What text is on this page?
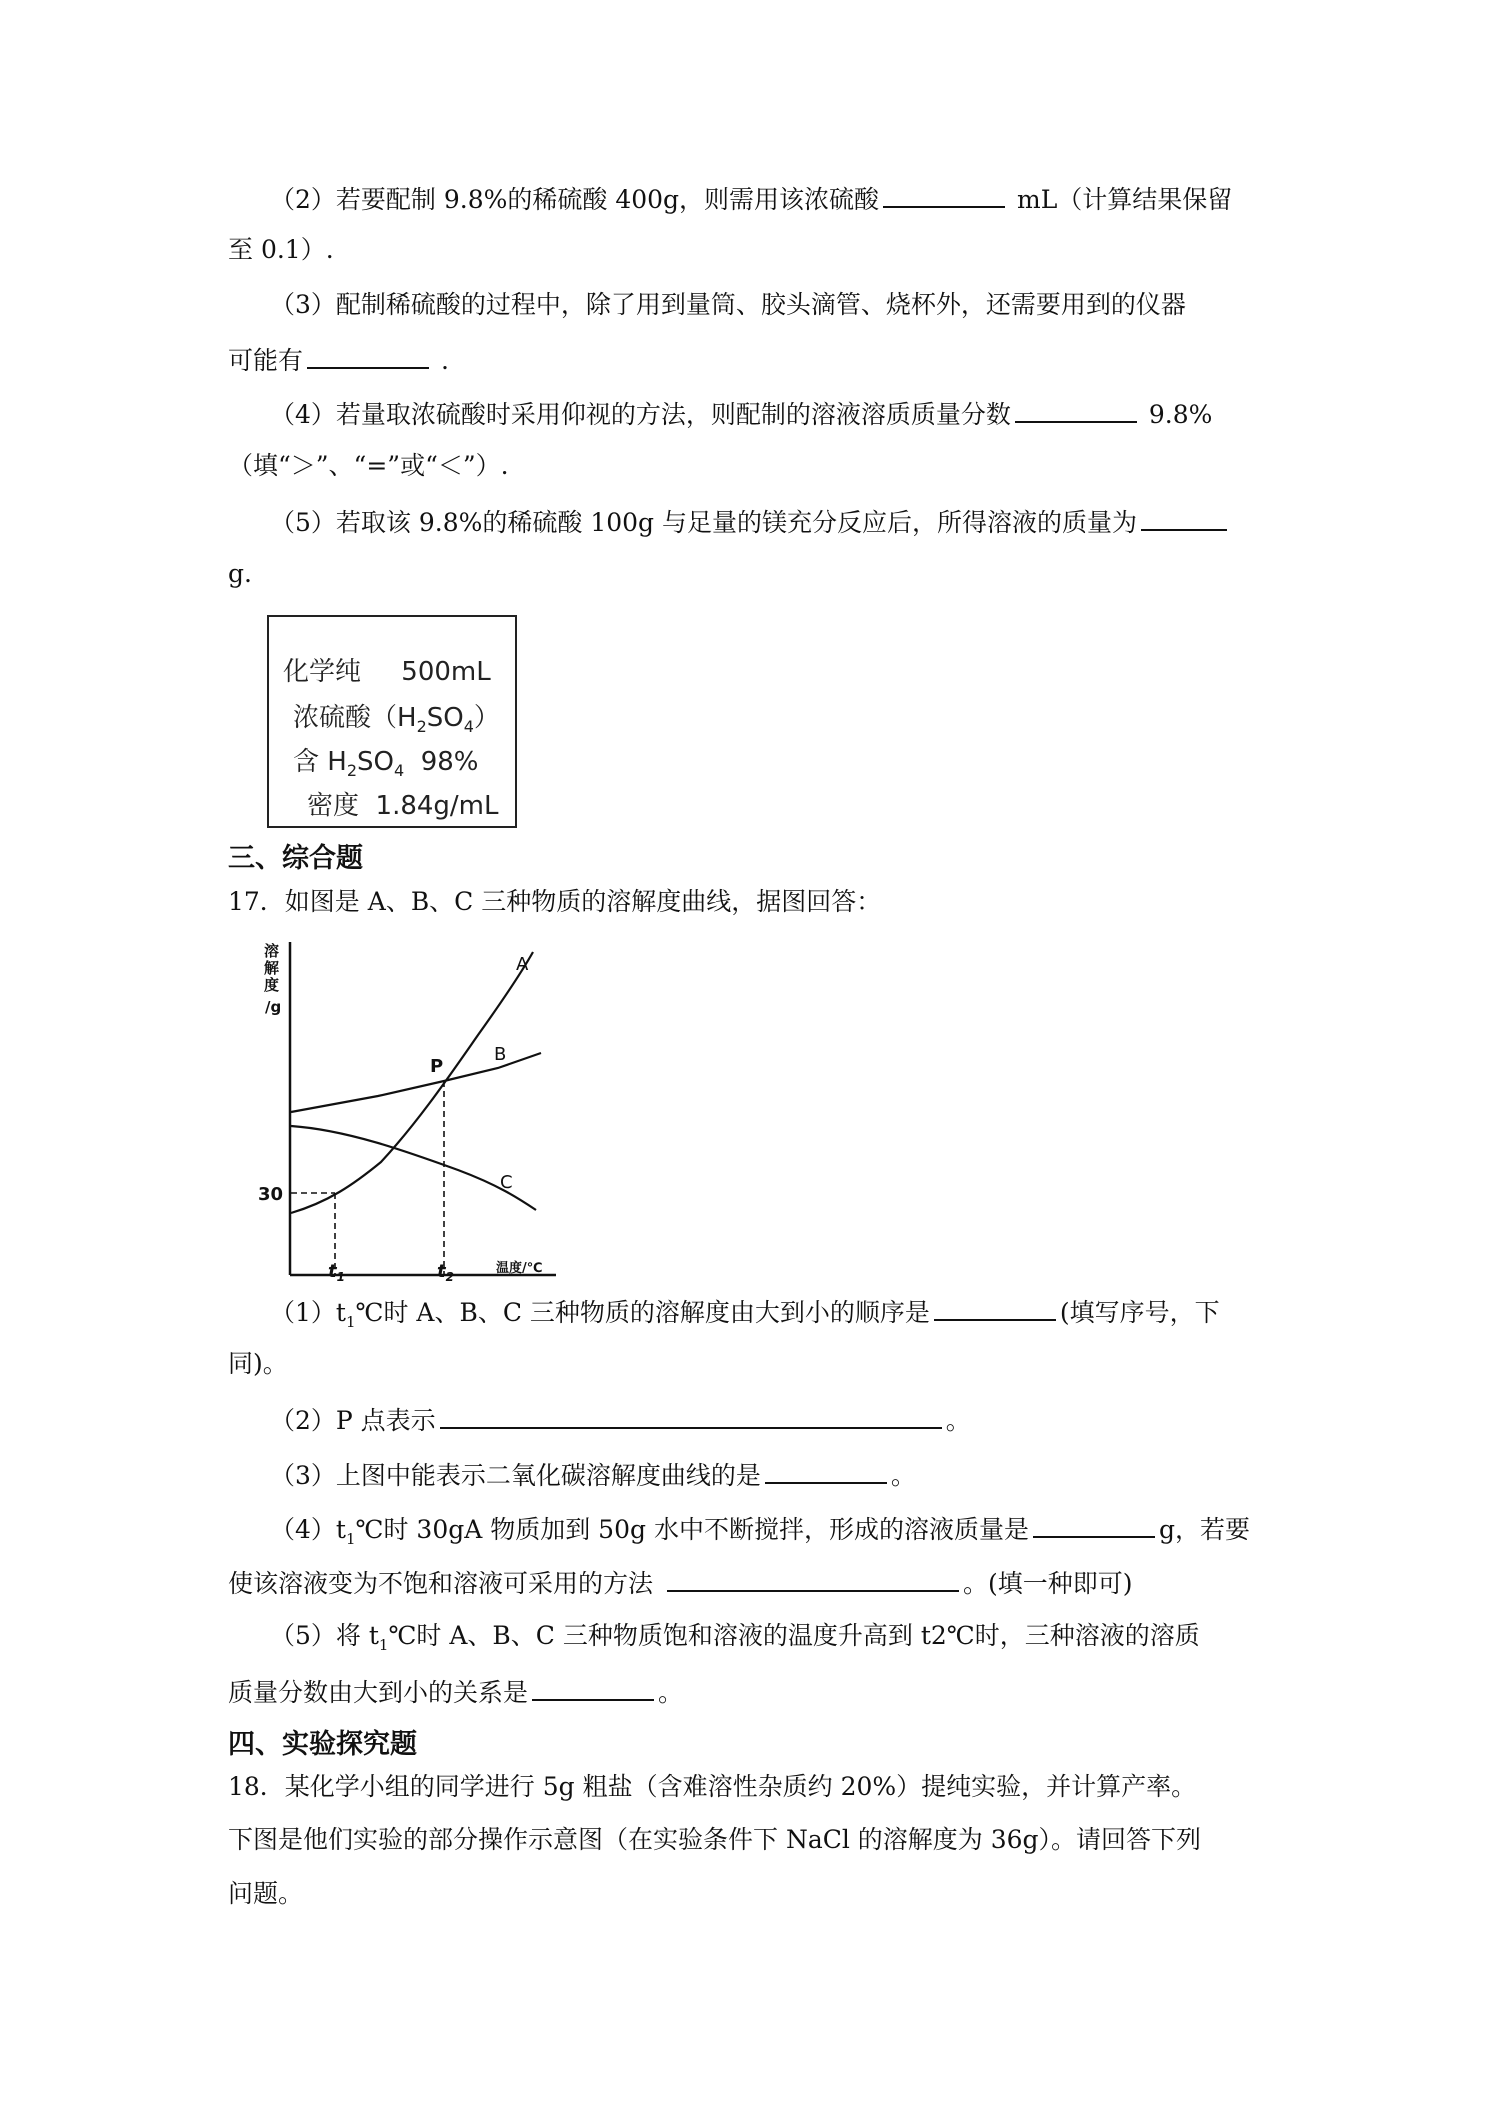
（2）若要配制 9.8%的稀硫酸 400g，则需用该浓硫酸	mL（计算结果保留
至 0.1）.
（3）配制稀硫酸的过程中，除了用到量筒、胶头滴管、烧杯外，还需要用到的仪器
可能有	.
（4）若量取浓硫酸时采用仰视的方法，则配制的溶液溶质质量分数	9.8%
（填“＞”、“=”或“＜”）.
（5）若取该 9.8%的稀硫酸 100g 与足量的镁充分反应后，所得溶液的质量为
g.
化学纯 500mL
浓硫酸$(H_2SO_4)$
含 $H_2SO_4$  98%
密度  1.84g/mL
三、综合题
17．如图是 A、B、C 三种物质的溶解度曲线，据图回答：
溶
解
度
/g
30
P
A
B
C
$t_1$	$t_2$
温度/℃
$(1)t_1℃$时 A、B、C 三种物质的溶解度由大到小的顺序是	(填写序号，下
同)。
（2）P 点表示	。
（3）上图中能表示二氧化碳溶解度曲线的是	。
$(4)t_1℃$时 30gA 物质加到 50g 水中不断搅拌，形成的溶液质量是	g，若要
使该溶液变为不饱和溶液可采用的方法	。(填一种即可)
（5）将 $t_1℃$时 A、B、C 三种物质饱和溶液的温度升高到 t2℃时，三种溶液的溶质
质量分数由大到小的关系是	。
四、实验探究题
18．某化学小组的同学进行 5g 粗盐（含难溶性杂质约 20%）提纯实验，并计算产率。
下图是他们实验的部分操作示意图（在实验条件下 NaCl 的溶解度为 36g）。请回答下列
问题。
